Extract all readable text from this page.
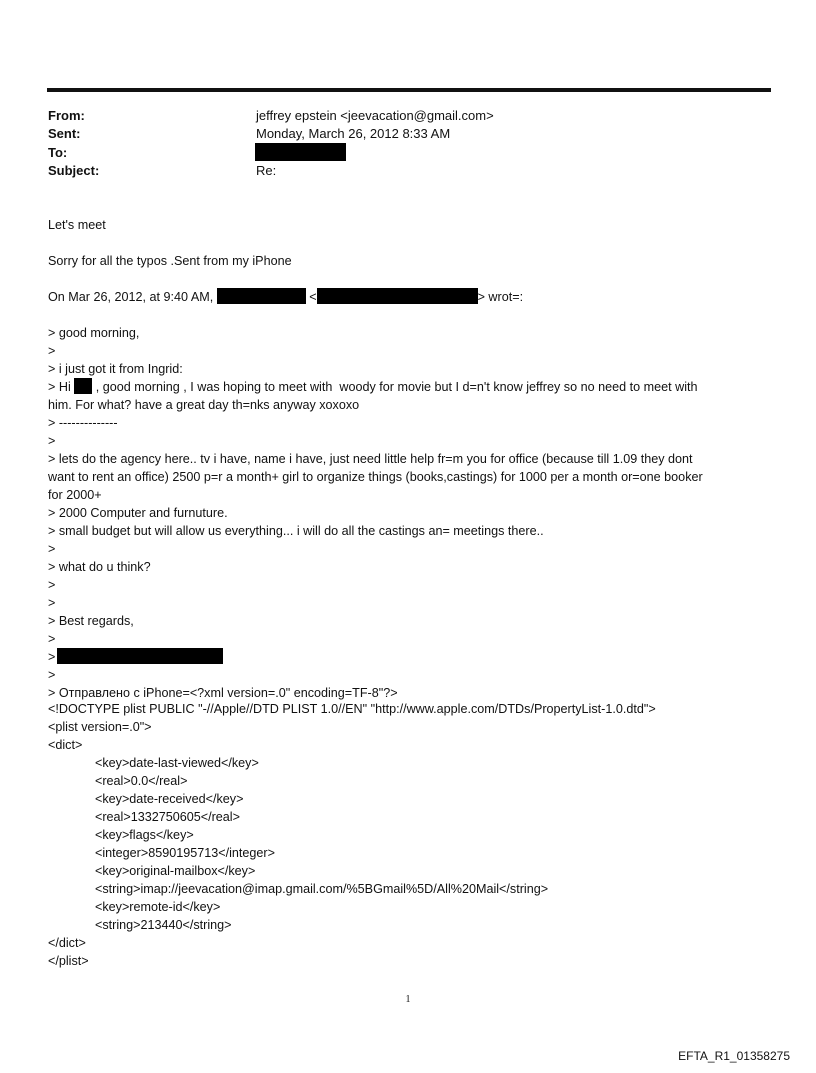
From:	jeffrey epstein <jeevacation@gmail.com>
Sent:	Monday, March 26, 2012 8:33 AM
To:
Subject:	Re:
Let's meet
Sorry for all the typos .Sent from my iPhone
On Mar 26, 2012, at 9:40 AM,	<	> wrot=:
> good morning,
>
> i just got it from Ingrid:
> Hi , good morning , I was hoping to meet with  woody for movie but I d=n't know jeffrey so no need to meet with
him. For what? have a great day th=nks anyway xoxoxo
> --------------
>
> lets do the agency here.. tv i have, name i have, just need little help fr=m you for office (because till 1.09 they dont
want to rent an office) 2500 p=r a month+ girl to organize things (books,castings) for 1000 per a month or=one booker
for 2000+
> 2000 Computer and furnuture.
> small budget but will allow us everything... i will do all the castings an= meetings there..
>
> what do u think?
>
>
> Best regards,
>
>
>
> Отправлено с iPhone=<?xml version=.0" encoding=TF-8"?>
<!DOCTYPE plist PUBLIC "-//Apple//DTD PLIST 1.0//EN" "http://www.apple.com/DTDs/PropertyList-1.0.dtd">
<plist version=.0">
<dict>
<key>date-last-viewed</key>
<real>0.0</real>
<key>date-received</key>
<real>1332750605</real>
<key>flags</key>
<integer>8590195713</integer>
<key>original-mailbox</key>
<string>imap://jeevacation@imap.gmail.com/%5BGmail%5D/All%20Mail</string>
<key>remote-id</key>
<string>213440</string>
</dict>
</plist>
1
EFTA_R1_01358275
